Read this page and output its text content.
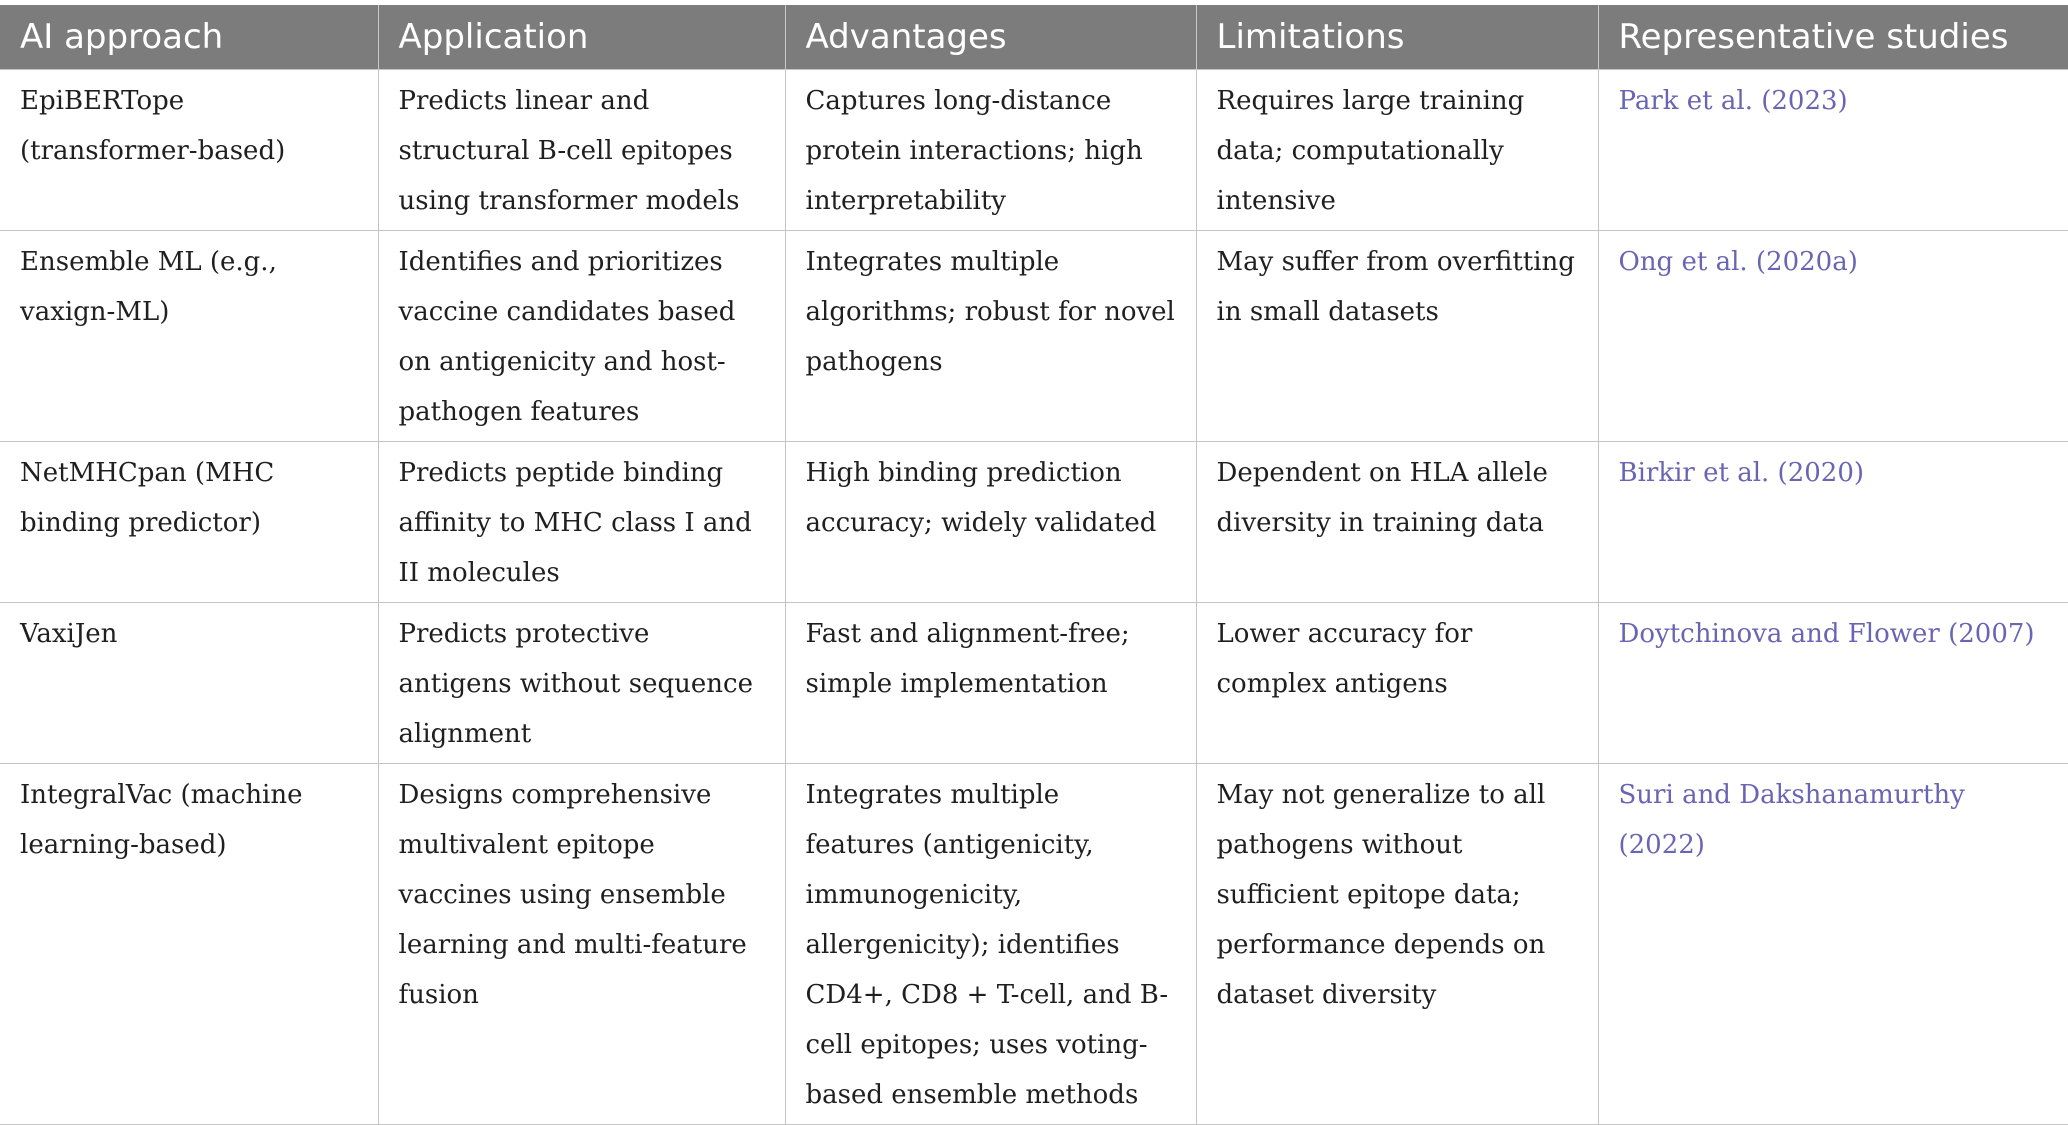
AI approach	Application	Advantages	Limitations	Representative studies
EpiBERTope (transformer-based)	Predicts linear and structural B-cell epitopes using transformer models	Captures long-distance protein interactions; high interpretability	Requires large training data; computationally intensive	Park et al. (2023)
Ensemble ML (e.g., vaxign-ML)	Identifies and prioritizes vaccine candidates based on antigenicity and host-pathogen features	Integrates multiple algorithms; robust for novel pathogens	May suffer from overfitting in small datasets	Ong et al. (2020a)
NetMHCpan (MHC binding predictor)	Predicts peptide binding affinity to MHC class I and II molecules	High binding prediction accuracy; widely validated	Dependent on HLA allele diversity in training data	Birkir et al. (2020)
VaxiJen	Predicts protective antigens without sequence alignment	Fast and alignment-free; simple implementation	Lower accuracy for complex antigens	Doytchinova and Flower (2007)
IntegralVac (machine learning-based)	Designs comprehensive multivalent epitope vaccines using ensemble learning and multi-feature fusion	Integrates multiple features (antigenicity, immunogenicity, allergenicity); identifies CD4+, CD8 + T-cell, and B-cell epitopes; uses voting-based ensemble methods	May not generalize to all pathogens without sufficient epitope data; performance depends on dataset diversity	Suri and Dakshanamurthy (2022)
